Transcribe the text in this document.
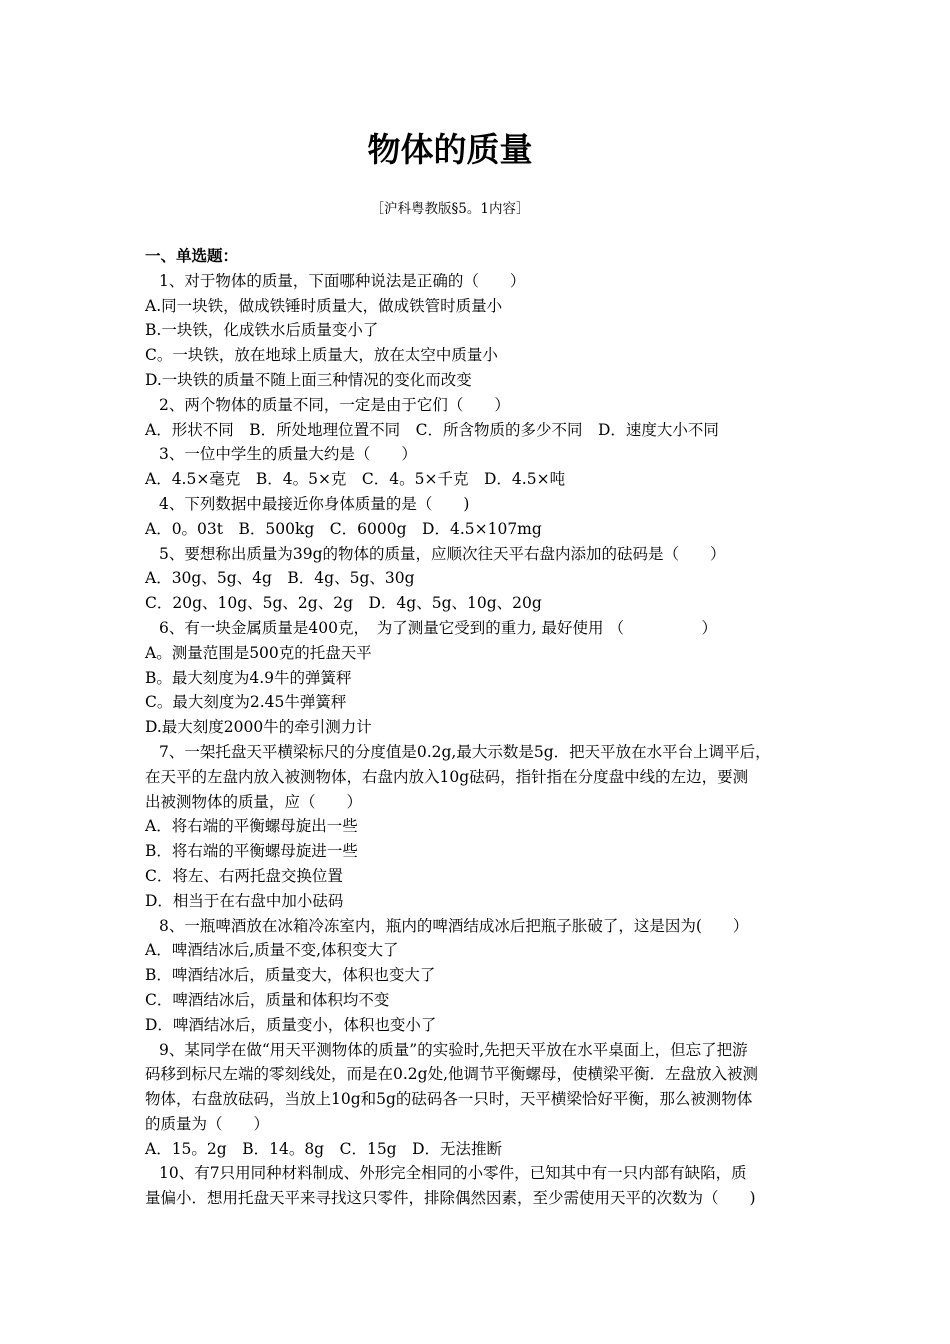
物体的质量
［沪科粤教版§5。1内容］
一、单选题：
1、对于物体的质量，下面哪种说法是正确的（　　）
A.同一块铁，做成铁锤时质量大，做成铁管时质量小
B.一块铁，化成铁水后质量变小了
C。一块铁，放在地球上质量大，放在太空中质量小
D.一块铁的质量不随上面三种情况的变化而改变
2、两个物体的质量不同，一定是由于它们（　　）
A．形状不同　B．所处地理位置不同　C．所含物质的多少不同　D．速度大小不同
3、一位中学生的质量大约是（　　）
A．4.5×毫克　B．4。5×克　C．4。5×千克　D．4.5×吨
4、下列数据中最接近你身体质量的是（　　)
A．0。03t　B．500kg　C．6000g　D．4.5×107mg
5、要想称出质量为39g的物体的质量，应顺次往天平右盘内添加的砝码是（　　）
A．30g、5g、4g　B．4g、5g、30g
C．20g、10g、5g、2g、2g　D．4g、5g、10g、20g
6、有一块金属质量是400克，　为了测量它受到的重力, 最好使用 （　　　　　）
A。测量范围是500克的托盘天平
B。最大刻度为4.9牛的弹簧秤
C。最大刻度为2.45牛弹簧秤
D.最大刻度2000牛的牵引测力计
7、一架托盘天平横梁标尺的分度值是0.2g,最大示数是5g．把天平放在水平台上调平后，
在天平的左盘内放入被测物体，右盘内放入10g砝码，指针指在分度盘中线的左边，要测
出被测物体的质量，应（　　）
A．将右端的平衡螺母旋出一些
B．将右端的平衡螺母旋进一些
C．将左、右两托盘交换位置
D．相当于在右盘中加小砝码
8、一瓶啤酒放在冰箱冷冻室内，瓶内的啤酒结成冰后把瓶子胀破了，这是因为(　　）
A．啤酒结冰后,质量不变,体积变大了
B．啤酒结冰后，质量变大，体积也变大了
C．啤酒结冰后，质量和体积均不变
D．啤酒结冰后，质量变小，体积也变小了
9、某同学在做“用天平测物体的质量”的实验时,先把天平放在水平桌面上，但忘了把游
码移到标尺左端的零刻线处，而是在0.2g处,他调节平衡螺母，使横梁平衡．左盘放入被测
物体，右盘放砝码，当放上10g和5g的砝码各一只时，天平横梁恰好平衡，那么被测物体
的质量为（　　）
A．15。2g　B．14。8g　C．15g　D．无法推断
10、有7只用同种材料制成、外形完全相同的小零件，已知其中有一只内部有缺陷，质
量偏小．想用托盘天平来寻找这只零件，排除偶然因素，至少需使用天平的次数为（　　)
